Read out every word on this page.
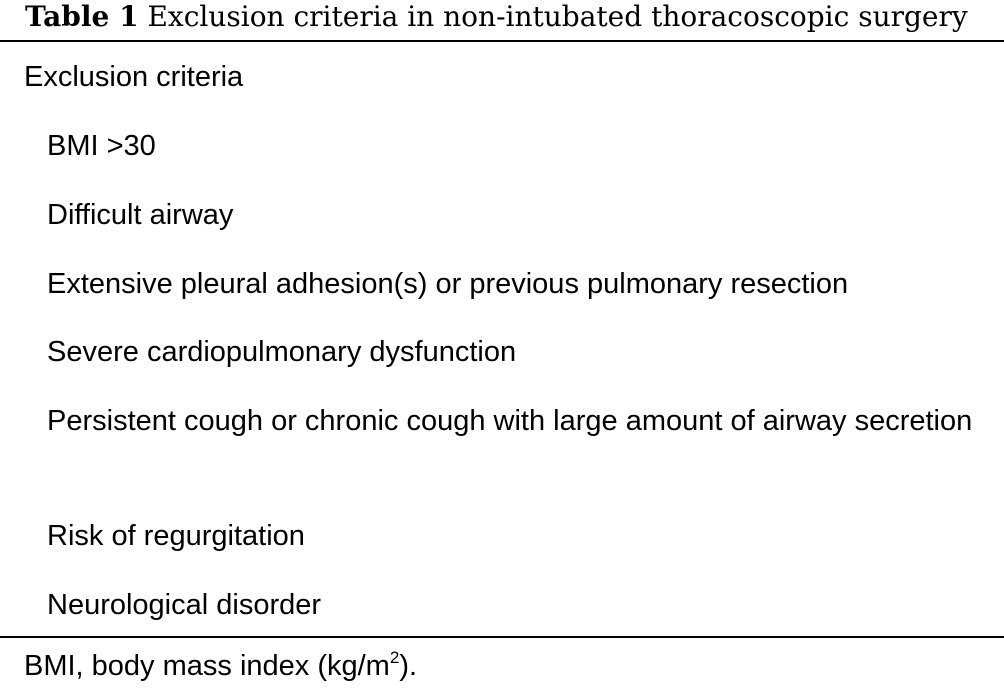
Table 1 Exclusion criteria in non-intubated thoracoscopic surgery
Exclusion criteria
BMI >30
Difficult airway
Extensive pleural adhesion(s) or previous pulmonary resection
Severe cardiopulmonary dysfunction
Persistent cough or chronic cough with large amount of airway secretion
Risk of regurgitation
Neurological disorder

BMI, body mass index $(kg/m^2)$.
